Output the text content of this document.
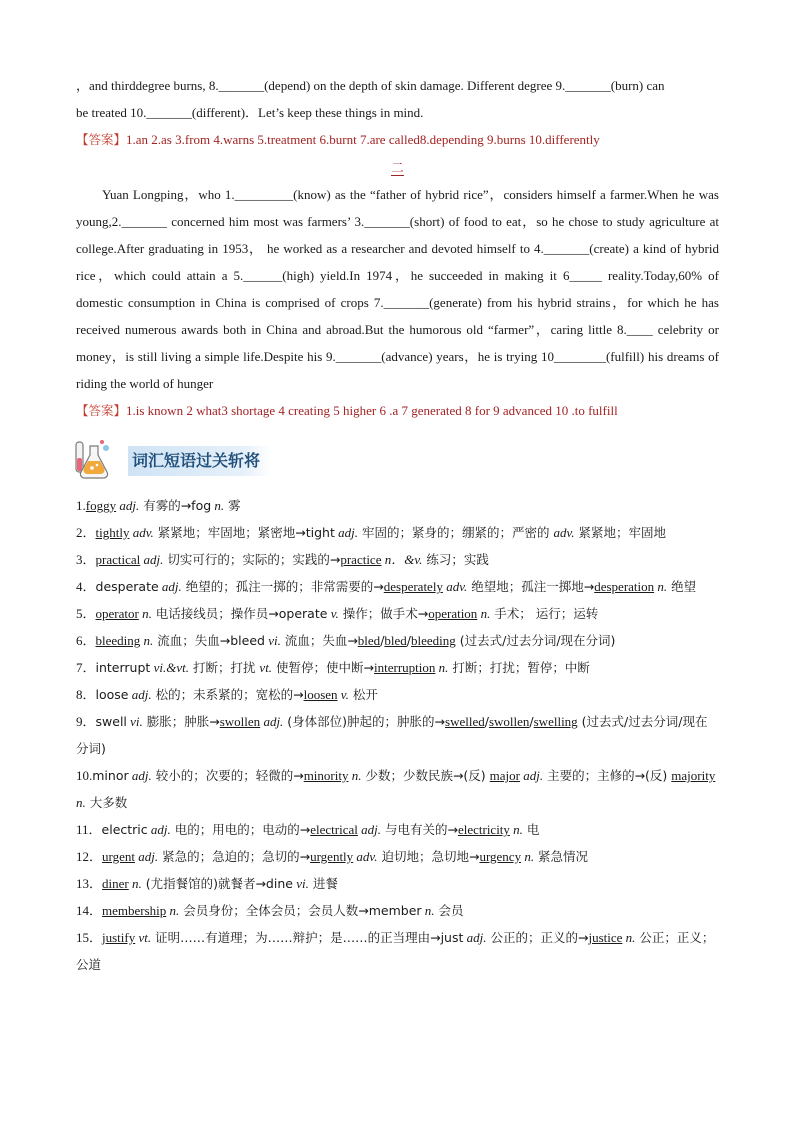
，and thirddegree burns, 8._______(depend) on the depth of skin damage. Different degree 9._______(burn) can
be treated 10._______(different)．Let’s keep these things in mind.
【答案】1.an 2.as 3.from 4.warns 5.treatment 6.burnt 7.are called8.depending 9.burns 10.differently
二
Yuan Longping，who 1._________(know) as the “father of hybrid rice”，considers himself a farmer.When he was young,2._______ concerned him most was farmers’ 3._______(short) of food to eat，so he chose to study agriculture at college.After graduating in 1953， he worked as a researcher and devoted himself to 4._______(create) a kind of hybrid rice，which could attain a 5.______(high) yield.In 1974，he succeeded in making it 6_____ reality.Today,60% of domestic consumption in China is comprised of crops 7._______(generate) from his hybrid strains，for which he has received numerous awards both in China and abroad.But the humorous old “farmer”，caring little 8.____ celebrity or money，is still living a simple life.Despite his 9._______(advance) years，he is trying 10________(fulfill) his dreams of riding the world of hunger
【答案】1.is known 2 what3 shortage 4 creating 5 higher 6 .a 7 generated 8 for 9 advanced 10 .to fulfill
词汇短语过关斩将
1.foggy adj. 有雾的→fog n. 雾
2．tightly adv. 紧紧地；牢固地；紧密地→tight adj. 牢固的；紧身的；绷紧的；严密的 adv. 紧紧地；牢固地
3．practical adj. 切实可行的；实际的；实践的→practice n．&v. 练习；实践
4．desperate adj. 绝望的；孤注一掷的；非常需要的→desperately adv. 绝望地；孤注一掷地→desperation n. 绝望
5．operator n. 电话接线员；操作员→operate v. 操作；做手术→operation n. 手术； 运行；运转
6．bleeding n. 流血；失血→bleed vi. 流血；失血→bled/bled/bleeding (过去式/过去分词/现在分词)
7．interrupt vi.&vt. 打断；打扰 vt. 使暂停；使中断→interruption n. 打断；打扰；暂停；中断
8．loose adj. 松的；未系紧的；宽松的→loosen v. 松开
9．swell vi. 膨胀；肿胀→swollen adj. (身体部位)肿起的；肿胀的→swelled/swollen/swelling (过去式/过去分词/现在分词)
10.minor adj. 较小的；次要的；轻微的→minority n. 少数；少数民族→(反) major adj. 主要的；主修的→(反) majority n. 大多数
11．electric adj. 电的；用电的；电动的→electrical adj. 与电有关的→electricity n. 电
12．urgent adj. 紧急的；急迫的；急切的→urgently adv. 迫切地；急切地→urgency n. 紧急情况
13．diner n. (尤指餐馆的)就餐者→dine vi. 进餐
14．membership n. 会员身份；全体会员；会员人数→member n. 会员
15．justify vt. 证明……有道理；为……辩护；是……的正当理由→just adj. 公正的；正义的→justice n. 公正；正义；公道
